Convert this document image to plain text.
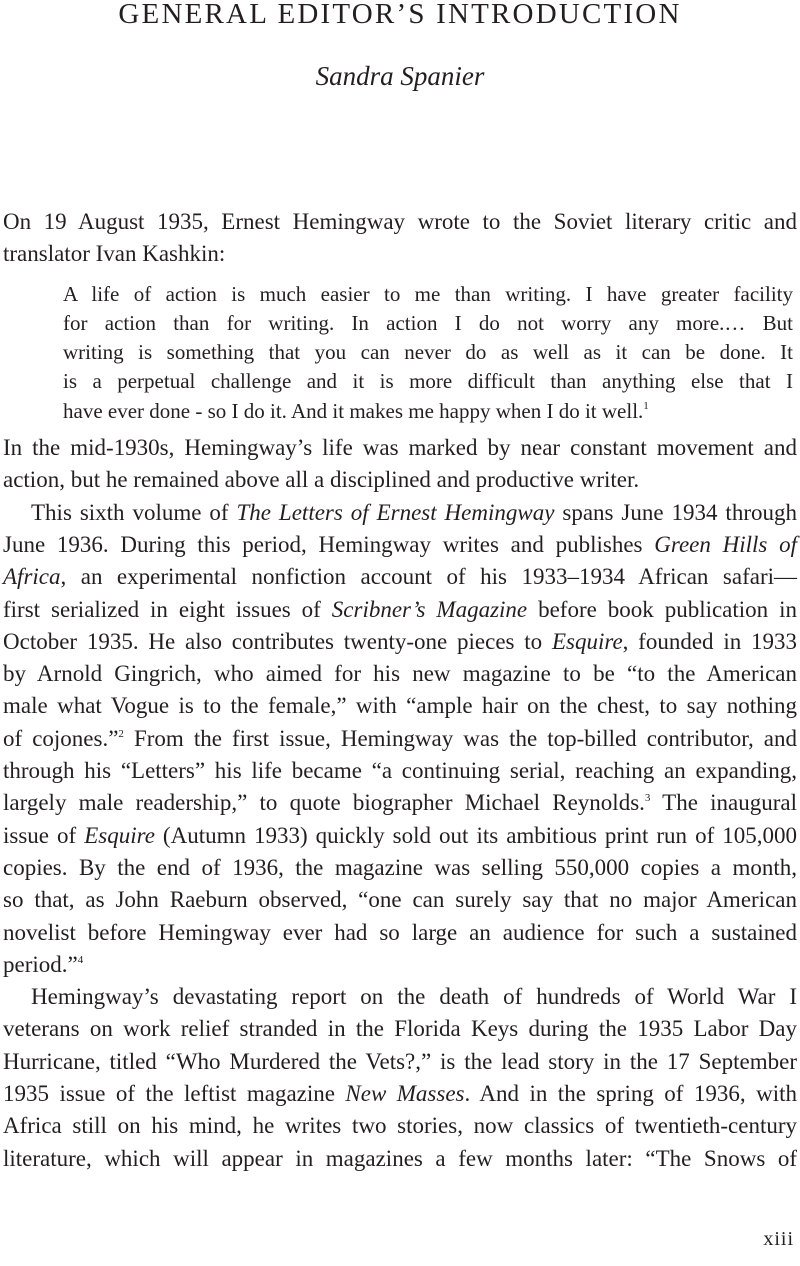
GENERAL EDITOR’S INTRODUCTION
Sandra Spanier
On 19 August 1935, Ernest Hemingway wrote to the Soviet literary critic and
translator Ivan Kashkin:
A life of action is much easier to me than writing. I have greater facility
for action than for writing. In action I do not worry any more.… But
writing is something that you can never do as well as it can be done. It
is a perpetual challenge and it is more difficult than anything else that I
have ever done - so I do it. And it makes me happy when I do it well.$^1$
In the mid-1930s, Hemingway’s life was marked by near constant movement and
action, but he remained above all a disciplined and productive writer.
This sixth volume of The Letters of Ernest Hemingway spans June 1934 through
June 1936. During this period, Hemingway writes and publishes Green Hills of
Africa, an experimental nonfiction account of his 1933–1934 African safari—
first serialized in eight issues of Scribner’s Magazine before book publication in
October 1935. He also contributes twenty-one pieces to Esquire, founded in 1933
by Arnold Gingrich, who aimed for his new magazine to be “to the American
male what Vogue is to the female,” with “ample hair on the chest, to say nothing
of cojones.”$^2$ From the first issue, Hemingway was the top-billed contributor, and
through his “Letters” his life became “a continuing serial, reaching an expanding,
largely male readership,” to quote biographer Michael Reynolds.$^3$ The inaugural
issue of Esquire (Autumn 1933) quickly sold out its ambitious print run of 105,000
copies. By the end of 1936, the magazine was selling 550,000 copies a month,
so that, as John Raeburn observed, “one can surely say that no major American
novelist before Hemingway ever had so large an audience for such a sustained
period.”$^4$
Hemingway’s devastating report on the death of hundreds of World War I
veterans on work relief stranded in the Florida Keys during the 1935 Labor Day
Hurricane, titled “Who Murdered the Vets?,” is the lead story in the 17 September
1935 issue of the leftist magazine New Masses. And in the spring of 1936, with
Africa still on his mind, he writes two stories, now classics of twentieth-century
literature, which will appear in magazines a few months later: “The Snows of
xiii
